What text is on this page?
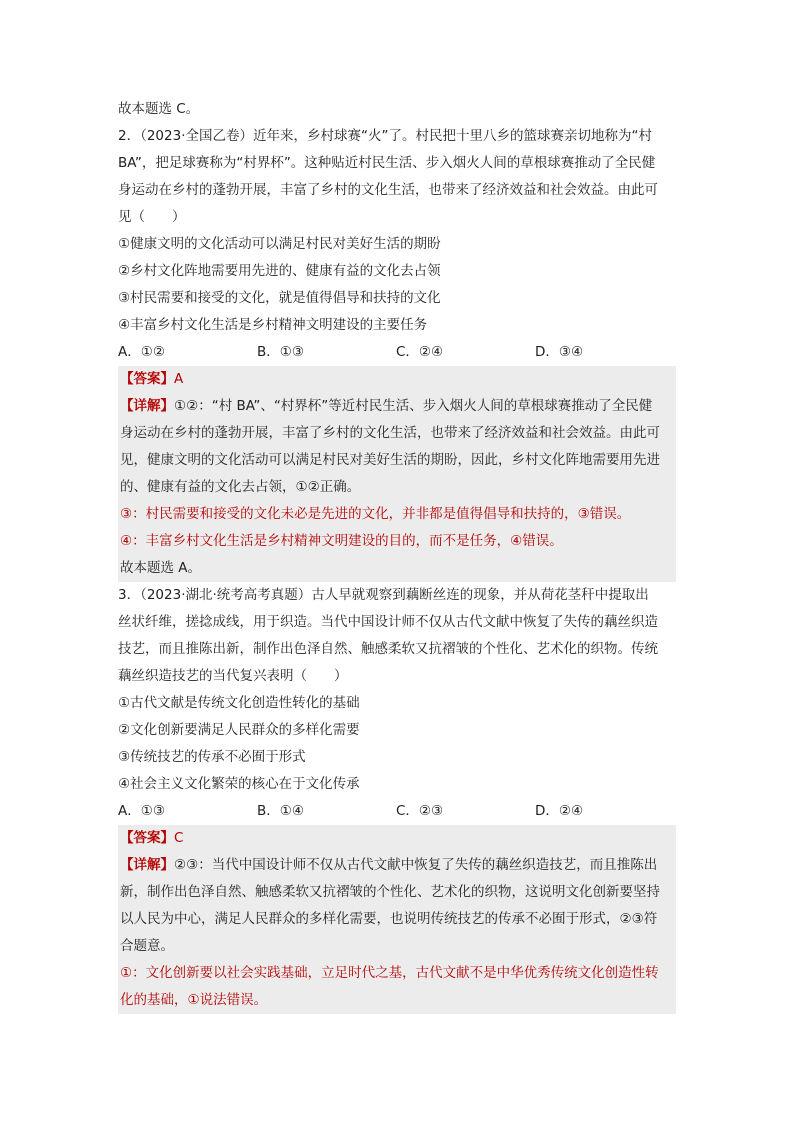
故本题选 C。
2．（2023·全国乙卷）近年来，乡村球赛“火”了。村民把十里八乡的篮球赛亲切地称为“村
BA”，把足球赛称为“村界杯”。这种贴近村民生活、步入烟火人间的草根球赛推动了全民健
身运动在乡村的蓬勃开展，丰富了乡村的文化生活，也带来了经济效益和社会效益。由此可
见（　　）
①健康文明的文化活动可以满足村民对美好生活的期盼
②乡村文化阵地需要用先进的、健康有益的文化去占领
③村民需要和接受的文化，就是值得倡导和扶持的文化
④丰富乡村文化生活是乡村精神文明建设的主要任务
A．①②	B．①③	C．②④	D．③④
【答案】A
【详解】①②：“村 BA”、“村界杯”等近村民生活、步入烟火人间的草根球赛推动了全民健
身运动在乡村的蓬勃开展，丰富了乡村的文化生活，也带来了经济效益和社会效益。由此可
见，健康文明的文化活动可以满足村民对美好生活的期盼，因此，乡村文化阵地需要用先进
的、健康有益的文化去占领，①②正确。
③：村民需要和接受的文化未必是先进的文化，并非都是值得倡导和扶持的，③错误。
④：丰富乡村文化生活是乡村精神文明建设的目的，而不是任务，④错误。
故本题选 A。
3．（2023·湖北·统考高考真题）古人早就观察到藕断丝连的现象，并从荷花茎秆中提取出
丝状纤维，搓捻成线，用于织造。当代中国设计师不仅从古代文献中恢复了失传的藕丝织造
技艺，而且推陈出新，制作出色泽自然、触感柔软又抗褶皱的个性化、艺术化的织物。传统
藕丝织造技艺的当代复兴表明（　　）
①古代文献是传统文化创造性转化的基础
②文化创新要满足人民群众的多样化需要
③传统技艺的传承不必囿于形式
④社会主义文化繁荣的核心在于文化传承
A．①③	B．①④	C．②③	D．②④
【答案】C
【详解】②③：当代中国设计师不仅从古代文献中恢复了失传的藕丝织造技艺，而且推陈出
新，制作出色泽自然、触感柔软又抗褶皱的个性化、艺术化的织物，这说明文化创新要坚持
以人民为中心，满足人民群众的多样化需要，也说明传统技艺的传承不必囿于形式，②③符
合题意。
①：文化创新要以社会实践基础，立足时代之基，古代文献不是中华优秀传统文化创造性转
化的基础，①说法错误。
